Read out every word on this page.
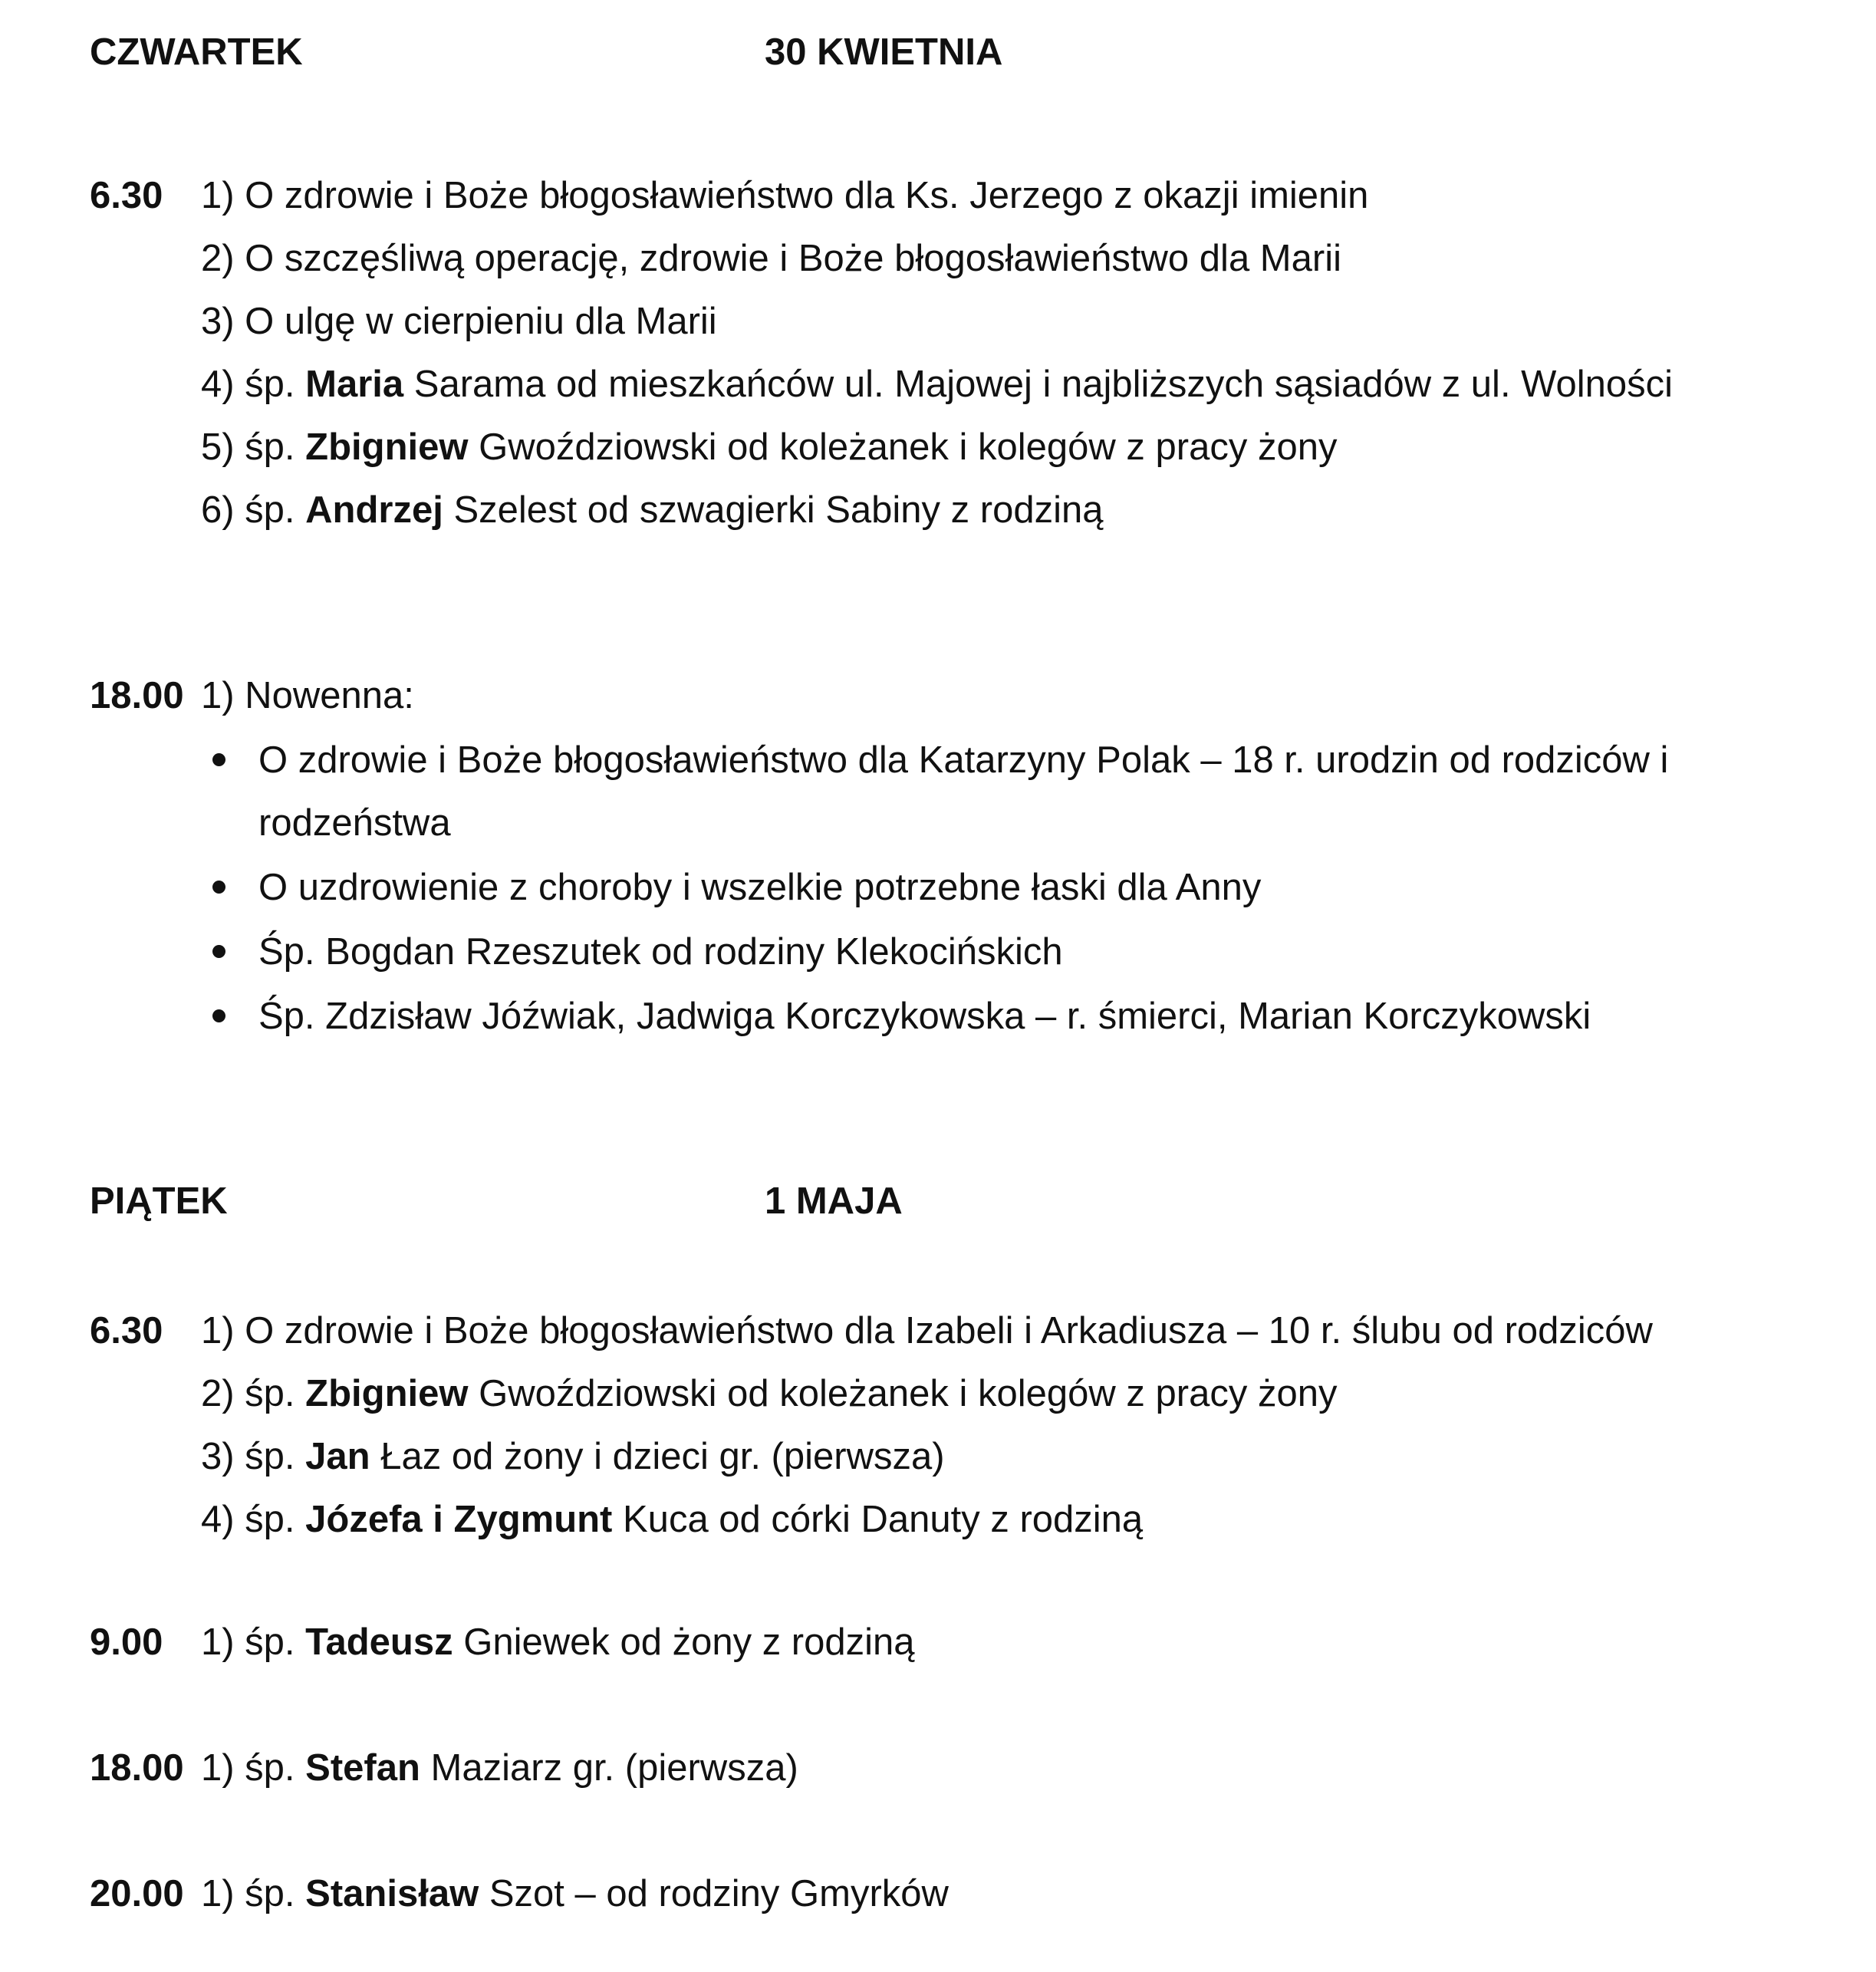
CZWARTEK	30 KWIETNIA
6.30 1) O zdrowie i Boże błogosławieństwo dla Ks. Jerzego z okazji imienin
2) O szczęśliwą operację, zdrowie i Boże błogosławieństwo dla Marii
3) O ulgę w cierpieniu dla Marii
4) śp. Maria Sarama od mieszkańców ul. Majowej i najbliższych sąsiadów z ul. Wolności
5) śp. Zbigniew Gwoździowski od koleżanek i kolegów z pracy żony
6) śp. Andrzej Szelest od szwagierki Sabiny z rodziną
18.00 1) Nowenna:
O zdrowie i Boże błogosławieństwo dla Katarzyny Polak – 18 r. urodzin od rodziców i rodzeństwa
O uzdrowienie z choroby i wszelkie potrzebne łaski dla Anny
Śp. Bogdan Rzeszutek od rodziny Klekocińskich
Śp. Zdzisław Jóźwiak, Jadwiga Korczykowska – r. śmierci, Marian Korczykowski
PIĄTEK	1 MAJA
6.30 1) O zdrowie i Boże błogosławieństwo dla Izabeli i Arkadiusza – 10 r. ślubu od rodziców
2) śp. Zbigniew Gwoździowski od koleżanek i kolegów z pracy żony
3) śp. Jan Łaz od żony i dzieci gr. (pierwsza)
4) śp. Józefa i Zygmunt Kuca od córki Danuty z rodziną
9.00 1) śp. Tadeusz Gniewek od żony z rodziną
18.00 1) śp. Stefan Maziarz gr. (pierwsza)
20.00 1) śp. Stanisław Szot – od rodziny Gmyrków
